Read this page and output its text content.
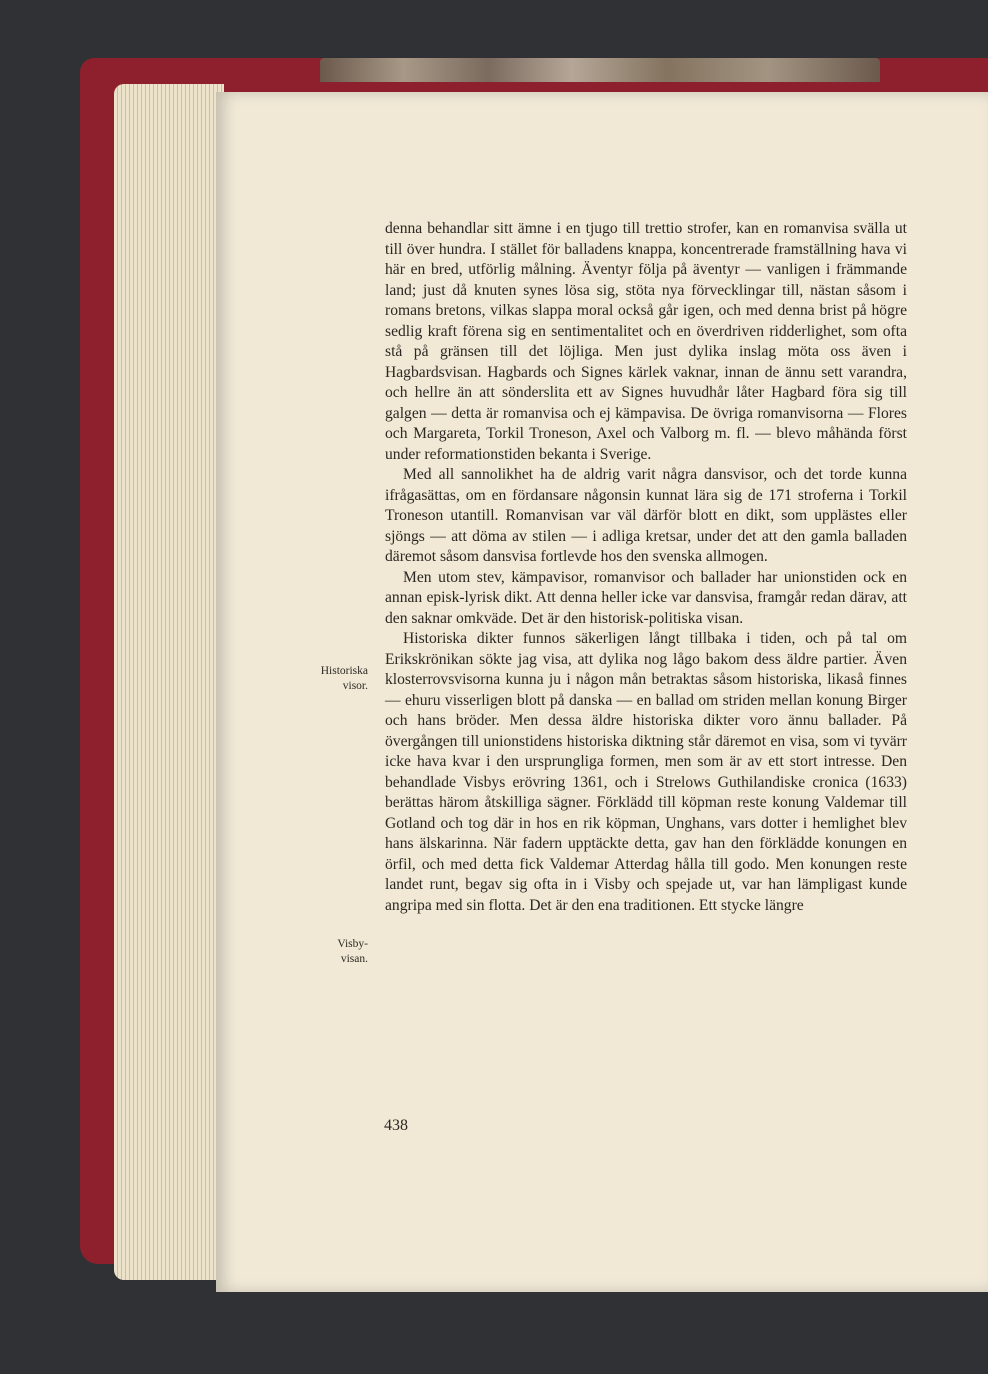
denna behandlar sitt ämne i en tjugo till trettio strofer, kan en romanvisa svälla ut till över hundra. I stället för balladens knappa, koncentrerade framställning hava vi här en bred, utförlig målning. Äventyr följa på äventyr — vanligen i främmande land; just då knuten synes lösa sig, stöta nya förvecklingar till, nästan såsom i romans bretons, vilkas slappa moral också går igen, och med denna brist på högre sedlig kraft förena sig en sentimentalitet och en överdriven ridderlighet, som ofta stå på gränsen till det löjliga. Men just dylika inslag möta oss även i Hagbardsvisan. Hagbards och Signes kärlek vaknar, innan de ännu sett varandra, och hellre än att sönderslita ett av Signes huvudhår låter Hagbard föra sig till galgen — detta är romanvisa och ej kämpavisa. De övriga romanvisorna — Flores och Margareta, Torkil Troneson, Axel och Valborg m. fl. — blevo måhända först under reformationstiden bekanta i Sverige.

Med all sannolikhet ha de aldrig varit några dansvisor, och det torde kunna ifrågasättas, om en fördansare någonsin kunnat lära sig de 171 stroferna i Torkil Troneson utantill. Romanvisan var väl därför blott en dikt, som upplästes eller sjöngs — att döma av stilen — i adliga kretsar, under det att den gamla balladen däremot såsom dansvisa fortlevde hos den svenska allmogen.

Men utom stev, kämpavisor, romanvisor och ballader har unionstiden ock en annan episk-lyrisk dikt. Att denna heller icke var dansvisa, framgår redan därav, att den saknar omkväde. Det är den historisk-politiska visan.

Historiska dikter funnos säkerligen långt tillbaka i tiden, och på tal om Erikskrönikan sökte jag visa, att dylika nog lågo bakom dess äldre partier. Även klosterrovsvisorna kunna ju i någon mån betraktas såsom historiska, likaså finnes — ehuru visserligen blott på danska — en ballad om striden mellan konung Birger och hans bröder. Men dessa äldre historiska dikter voro ännu ballader. På övergången till unionstidens historiska diktning står däremot en visa, som vi tyvärr icke hava kvar i den ursprungliga formen, men som är av ett stort intresse. Den behandlade Visbys erövring 1361, och i Strelows Guthilandiske cronica (1633) berättas härom åtskilliga sägner. Förklädd till köpman reste konung Valdemar till Gotland och tog där in hos en rik köpman, Unghans, vars dotter i hemlighet blev hans älskarinna. När fadern upptäckte detta, gav han den förklädde konungen en örfil, och med detta fick Valdemar Atterdag hålla till godo. Men konungen reste landet runt, begav sig ofta in i Visby och spejade ut, var han lämpligast kunde angripa med sin flotta. Det är den ena traditionen. Ett stycke längre

Historiska
visor.
Visby-
visan.
438
